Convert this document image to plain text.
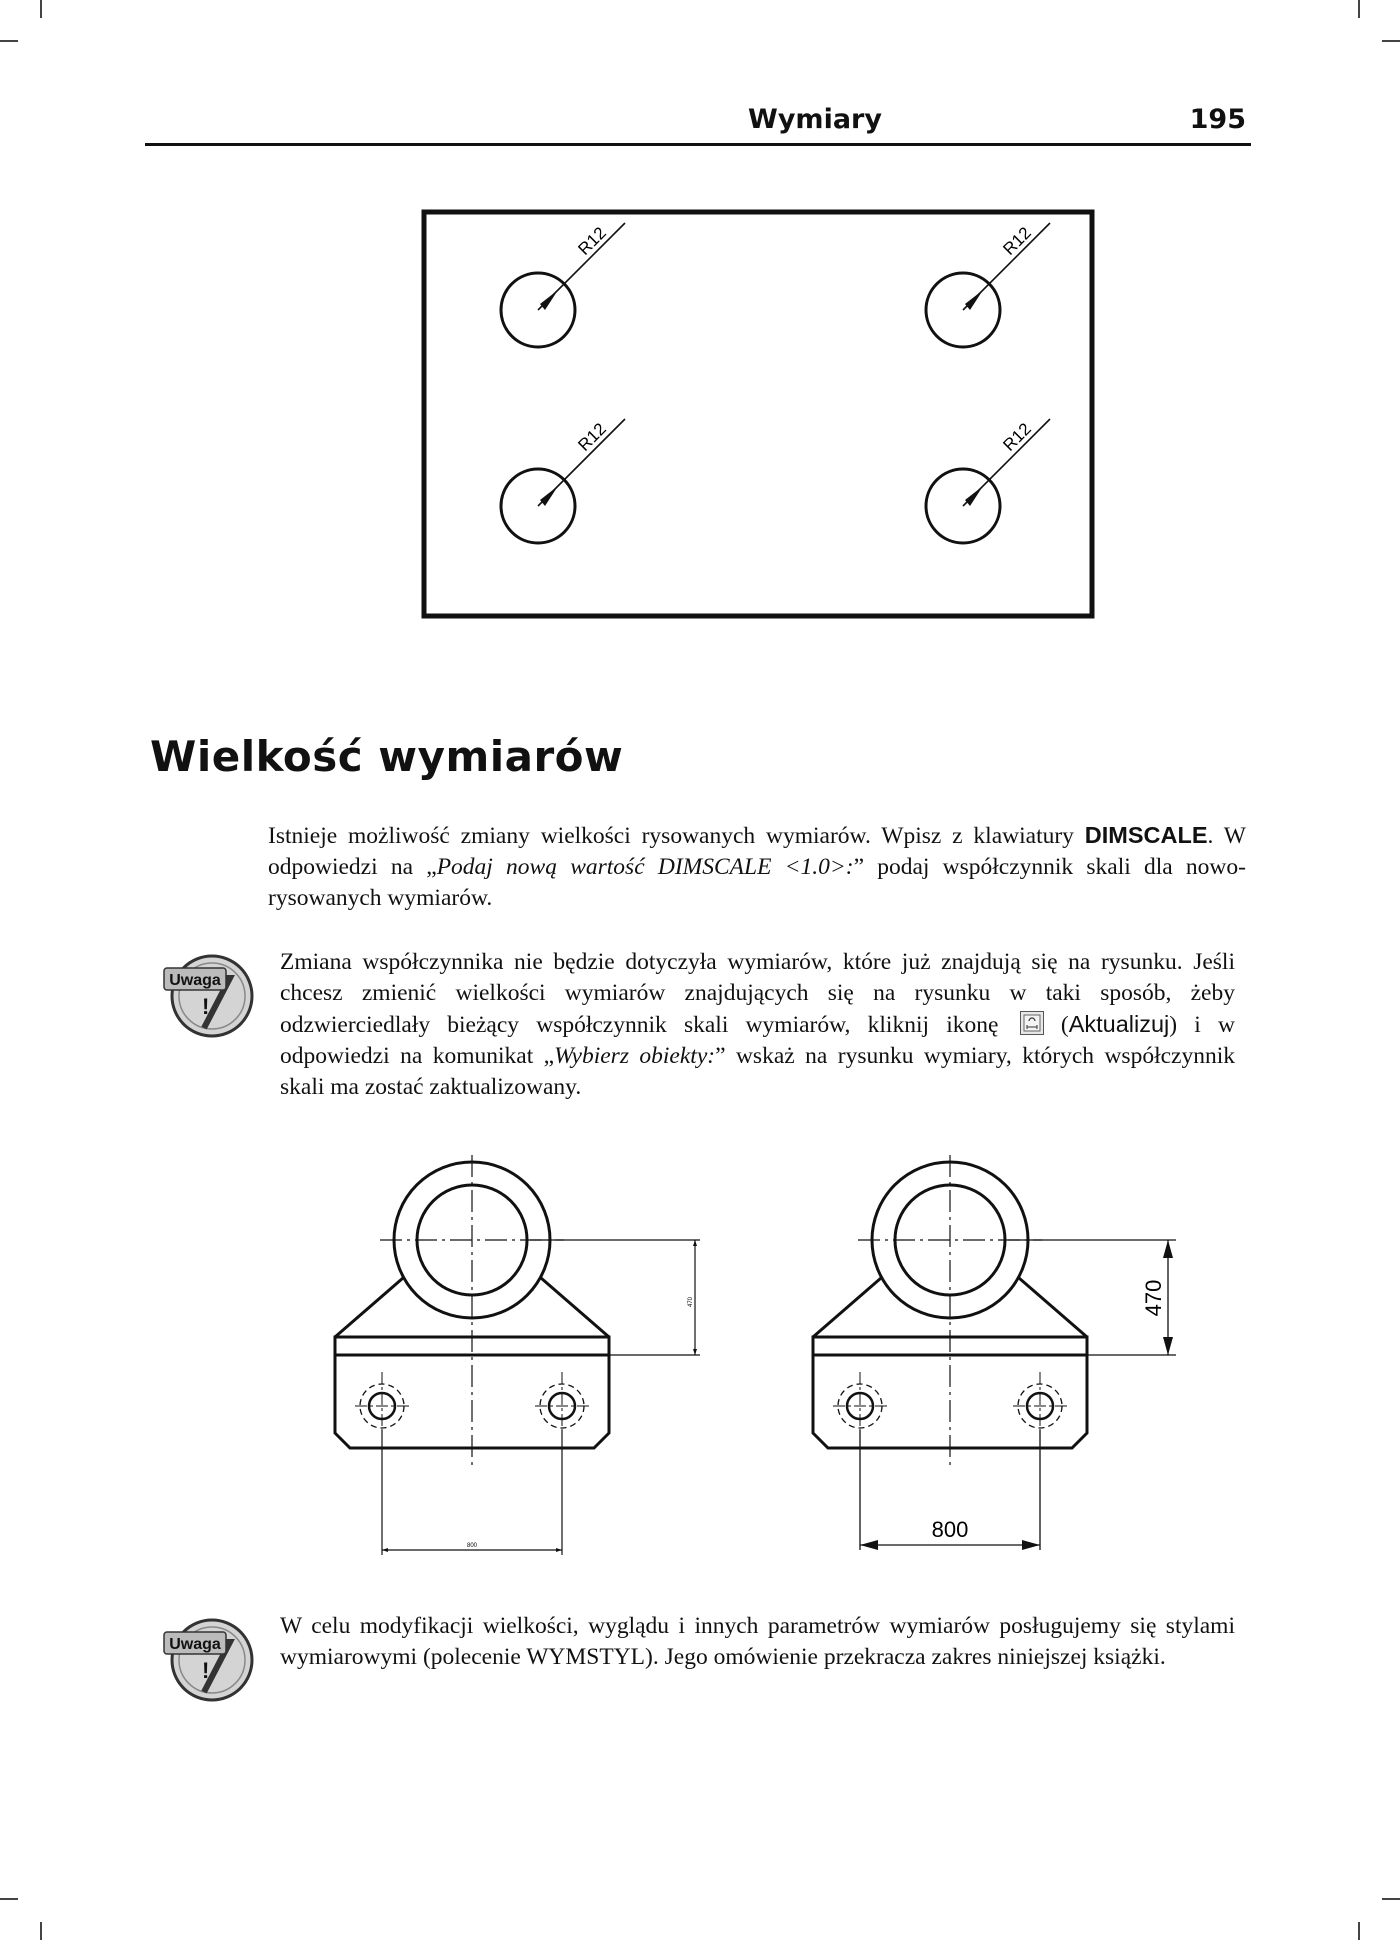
Wymiary	195
R12	R12
R12	R12
Wielkość wymiarów

Istnieje możliwość zmiany wielkości rysowanych wymiarów. Wpisz z klawiatury DIMSCALE. W odpowiedzi na „Podaj nową wartość DIMSCALE <1.0>:” podaj współczynnik skali dla nowo-rysowanych wymiarów.

Uwaga
!

Zmiana współczynnika nie będzie dotyczyła wymiarów, które już znajdują się na rysunku. Jeśli chcesz zmienić wielkości wymiarów znajdujących się na rysunku w taki sposób, żeby odzwierciedlały bieżący współczynnik skali wymiarów, kliknij ikonę
(Aktualizuj) i w odpowiedzi na komunikat „Wybierz obiekty:” wskaż na rysunku wymiary, których współczynnik skali ma zostać zaktualizowany.

470
800
470
800
Uwaga
!

W celu modyfikacji wielkości, wyglądu i innych parametrów wymiarów posługujemy się stylami wymiarowymi (polecenie WYMSTYL). Jego omówienie przekracza zakres niniejszej książki.
